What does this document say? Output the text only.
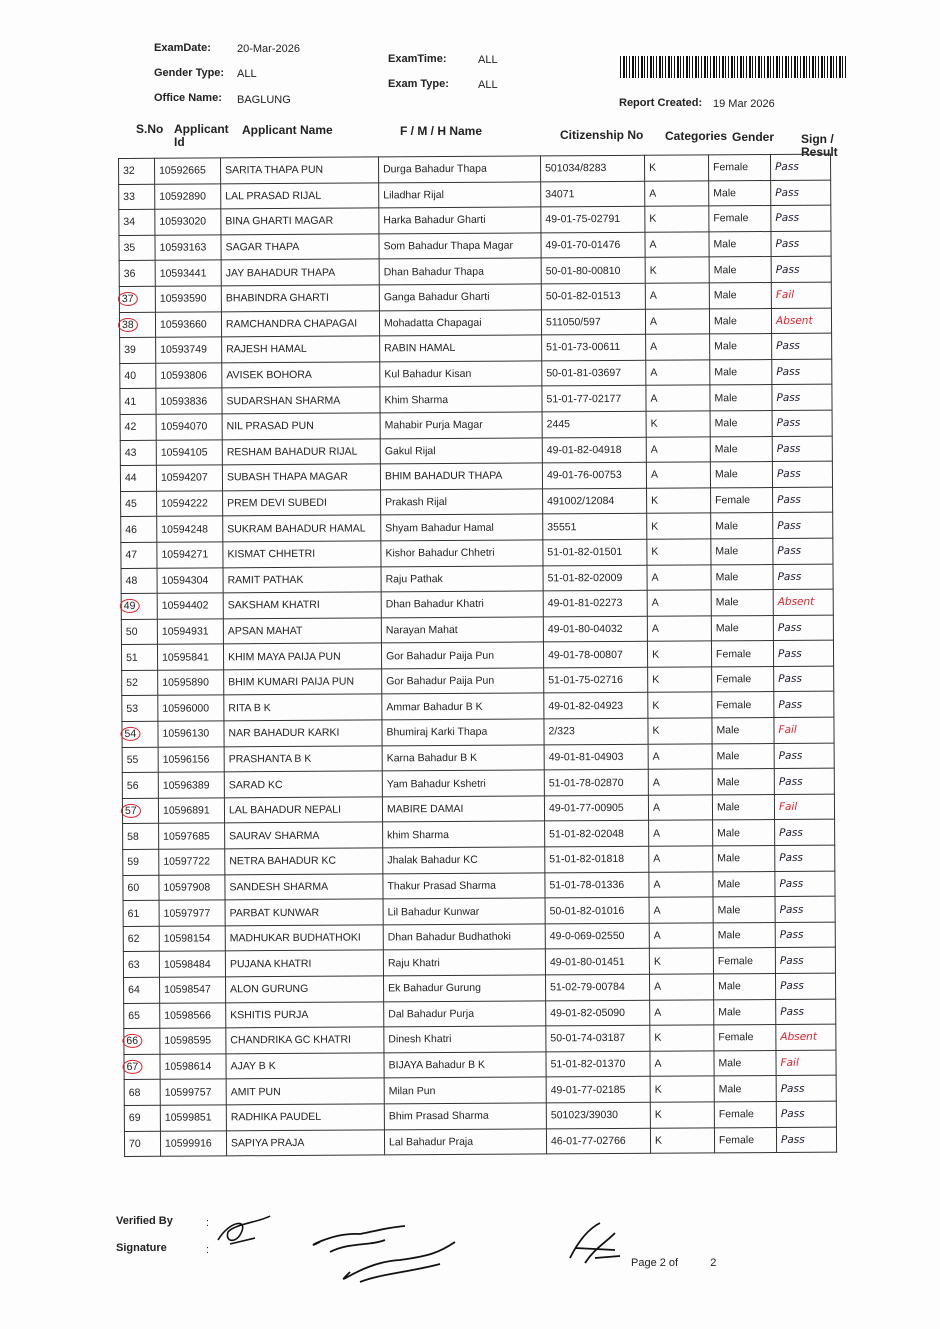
ExamDate: 20-Mar-2026
Gender Type: ALL
Office Name: BAGLUNG
ExamTime:	ALL
Exam Type:	ALL
Report Created: 19 Mar 2026
S.No Applicant Id
Applicant Name	F / M / H Name	Citizenship No Categories Gender Sign / Result
32	10592665	SARITA THAPA PUN	Durga Bahadur Thapa	501034/8283	K	Female	Pass
33	10592890	LAL PRASAD RIJAL	Liladhar Rijal	34071	A	Male	Pass
34	10593020	BINA GHARTI MAGAR	Harka Bahadur Gharti	49-01-75-02791	K	Female	Pass
35	10593163	SAGAR THAPA	Som Bahadur Thapa Magar	49-01-70-01476	A	Male	Pass
36	10593441	JAY BAHADUR THAPA	Dhan Bahadur Thapa	50-01-80-00810	K	Male	Pass
37	10593590	BHABINDRA GHARTI	Ganga Bahadur Gharti	50-01-82-01513	A	Male	Fail
38	10593660	RAMCHANDRA CHAPAGAI	Mohadatta Chapagai	511050/597	A	Male	Absent
39	10593749	RAJESH HAMAL	RABIN HAMAL	51-01-73-00611	A	Male	Pass
40	10593806	AVISEK BOHORA	Kul Bahadur Kisan	50-01-81-03697	A	Male	Pass
41	10593836	SUDARSHAN SHARMA	Khim Sharma	51-01-77-02177	A	Male	Pass
42	10594070	NIL PRASAD PUN	Mahabir Purja Magar	2445	K	Male	Pass
43	10594105	RESHAM BAHADUR RIJAL	Gakul Rijal	49-01-82-04918	A	Male	Pass
44	10594207	SUBASH THAPA MAGAR	BHIM BAHADUR THAPA	49-01-76-00753	A	Male	Pass
45	10594222	PREM DEVI SUBEDI	Prakash Rijal	491002/12084	K	Female	Pass
46	10594248	SUKRAM BAHADUR HAMAL	Shyam Bahadur Hamal	35551	K	Male	Pass
47	10594271	KISMAT CHHETRI	Kishor Bahadur Chhetri	51-01-82-01501	K	Male	Pass
48	10594304	RAMIT PATHAK	Raju Pathak	51-01-82-02009	A	Male	Pass
49	10594402	SAKSHAM KHATRI	Dhan Bahadur Khatri	49-01-81-02273	A	Male	Absent
50	10594931	APSAN MAHAT	Narayan Mahat	49-01-80-04032	A	Male	Pass
51	10595841	KHIM MAYA PAIJA PUN	Gor Bahadur Paija Pun	49-01-78-00807	K	Female	Pass
52	10595890	BHIM KUMARI PAIJA PUN	Gor Bahadur Paija Pun	51-01-75-02716	K	Female	Pass
53	10596000	RITA B K	Ammar Bahadur B K	49-01-82-04923	K	Female	Pass
54	10596130	NAR BAHADUR KARKI	Bhumiraj Karki Thapa	2/323	K	Male	Fail
55	10596156	PRASHANTA B K	Karna Bahadur B K	49-01-81-04903	A	Male	Pass
56	10596389	SARAD KC	Yam Bahadur Kshetri	51-01-78-02870	A	Male	Pass
57	10596891	LAL BAHADUR NEPALI	MABIRE DAMAI	49-01-77-00905	A	Male	Fail
58	10597685	SAURAV SHARMA	khim Sharma	51-01-82-02048	A	Male	Pass
59	10597722	NETRA BAHADUR KC	Jhalak Bahadur KC	51-01-82-01818	A	Male	Pass
60	10597908	SANDESH SHARMA	Thakur Prasad Sharma	51-01-78-01336	A	Male	Pass
61	10597977	PARBAT KUNWAR	Lil Bahadur Kunwar	50-01-82-01016	A	Male	Pass
62	10598154	MADHUKAR BUDHATHOKI	Dhan Bahadur Budhathoki	49-0-069-02550	A	Male	Pass
63	10598484	PUJANA KHATRI	Raju Khatri	49-01-80-01451	K	Female	Pass
64	10598547	ALON GURUNG	Ek Bahadur Gurung	51-02-79-00784	A	Male	Pass
65	10598566	KSHITIS PURJA	Dal Bahadur Purja	49-01-82-05090	A	Male	Pass
66	10598595	CHANDRIKA GC KHATRI	Dinesh Khatri	50-01-74-03187	K	Female	Absent
67	10598614	AJAY B K	BIJAYA Bahadur B K	51-01-82-01370	A	Male	Fail
68	10599757	AMIT PUN	Milan Pun	49-01-77-02185	K	Male	Pass
69	10599851	RADHIKA PAUDEL	Bhim Prasad Sharma	501023/39030	K	Female	Pass
70	10599916	SAPIYA PRAJA	Lal Bahadur Praja	46-01-77-02766	K	Female	Pass
Verified By	:
Signature	:
Page 2 of	2
